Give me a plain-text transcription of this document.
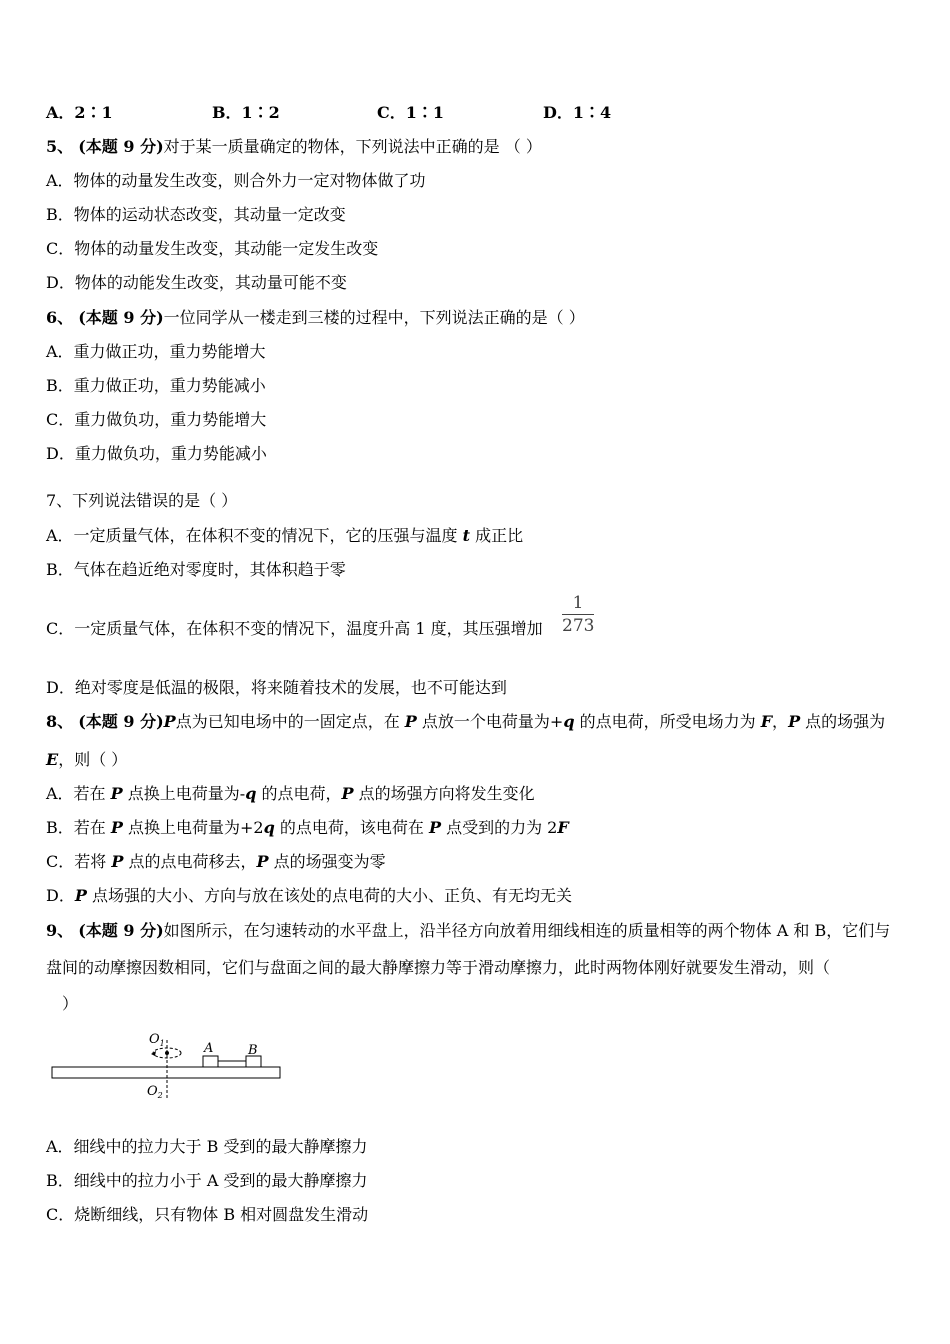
A．2∶1	B．1∶2	C．1∶1	D．1∶4
5、 (本题 9 分)对于某一质量确定的物体，下列说法中正确的是 （ ）
A．物体的动量发生改变，则合外力一定对物体做了功
B．物体的运动状态改变，其动量一定改变
C．物体的动量发生改变，其动能一定发生改变
D．物体的动能发生改变，其动量可能不变
6、 (本题 9 分)一位同学从一楼走到三楼的过程中，下列说法正确的是（ ）
A．重力做正功，重力势能增大
B．重力做正功，重力势能减小
C．重力做负功，重力势能增大
D．重力做负功，重力势能减小
7、下列说法错误的是（ ）
A．一定质量气体，在体积不变的情况下，它的压强与温度 t 成正比
B．气体在趋近绝对零度时，其体积趋于零
C．一定质量气体，在体积不变的情况下，温度升高 1 度，其压强增加
1
273
D．绝对零度是低温的极限，将来随着技术的发展，也不可能达到
8、 (本题 9 分)P点为已知电场中的一固定点，在 P 点放一个电荷量为+q 的点电荷，所受电场力为 F，P 点的场强为
E，则（ ）
A．若在 P 点换上电荷量为-q 的点电荷，P 点的场强方向将发生变化
B．若在 P 点换上电荷量为+2q 的点电荷，该电荷在 P 点受到的力为 2F
C．若将 P 点的点电荷移去，P 点的场强变为零
D．P 点场强的大小、方向与放在该处的点电荷的大小、正负、有无均无关
9、 (本题 9 分)如图所示，在匀速转动的水平盘上，沿半径方向放着用细线相连的质量相等的两个物体 A 和 B，它们与
盘间的动摩擦因数相同，它们与盘面之间的最大静摩擦力等于滑动摩擦力，此时两物体刚好就要发生滑动，则（
）
$O_1$
$O_2$
A	B
A．细线中的拉力大于 B 受到的最大静摩擦力
B．细线中的拉力小于 A 受到的最大静摩擦力
C．烧断细线，只有物体 B 相对圆盘发生滑动
